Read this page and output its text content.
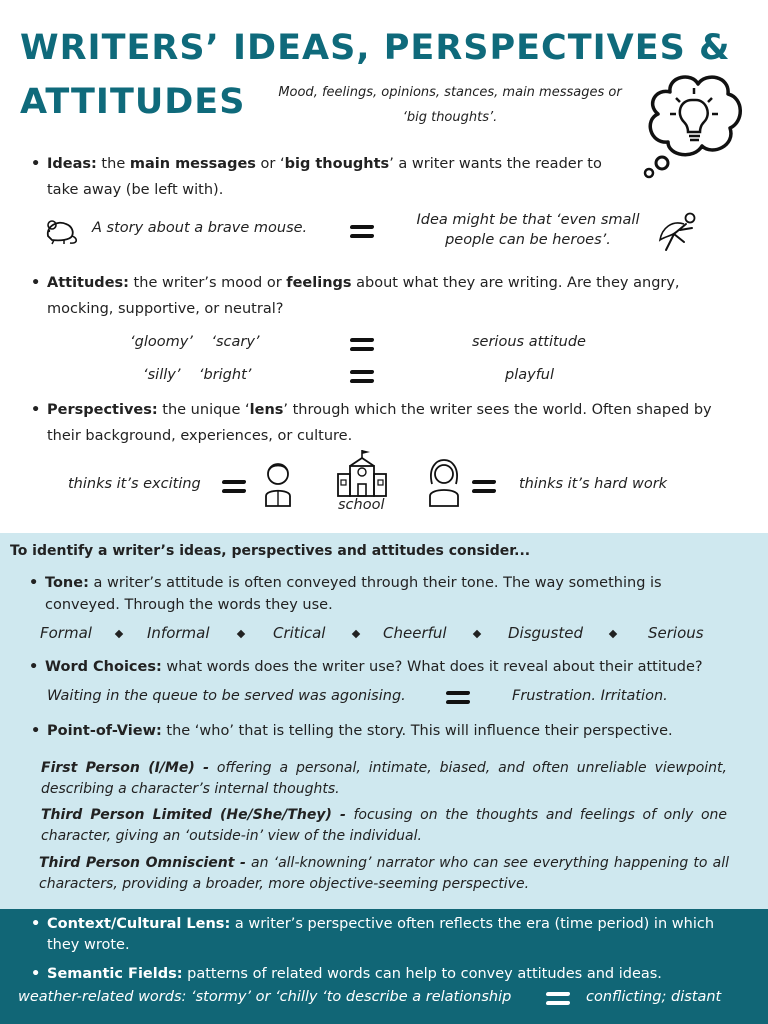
WRITERS’ IDEAS, PERSPECTIVES &
ATTITUDES	Mood, feelings, opinions, stances, main messages or
‘big thoughts’.
• Ideas: the main messages or ‘big thoughts’ a writer wants the reader to
take away (be left with).
A story about a brave mouse.	Idea might be that ‘even small
people can be heroes’.
• Attitudes: the writer’s mood or feelings about what they are writing. Are they angry,
mocking, supportive, or neutral?
‘gloomy’    ‘scary’	serious attitude
‘silly’    ‘bright’	playful
• Perspectives: the unique ‘lens’ through which the writer sees the world. Often shaped by
their background, experiences, or culture.
thinks it’s exciting
school
thinks it’s hard work
To identify a writer’s ideas, perspectives and attitudes consider...
• Tone: a writer’s attitude is often conveyed through their tone. The way something is
conveyed. Through the words they use.
Formal	Informal	Critical	Cheerful	Disgusted	Serious
• Word Choices: what words does the writer use? What does it reveal about their attitude?
Waiting in the queue to be served was agonising.	Frustration. Irritation.
• Point-of-View: the ‘who’ that is telling the story. This will influence their perspective.
First Person (I/Me) - offering a personal, intimate, biased, and often unreliable viewpoint, describing a character’s internal thoughts.
Third Person Limited (He/She/They) - focusing on the thoughts and feelings of only one character, giving an ‘outside-in’ view of the individual.
Third Person Omniscient - an ‘all-knowning’ narrator who can see everything happening to all characters, providing a broader, more objective-seeming perspective.
• Context/Cultural Lens: a writer’s perspective often reflects the era (time period) in which
they wrote.
• Semantic Fields: patterns of related words can help to convey attitudes and ideas.
weather-related words: ‘stormy’ or ‘chilly ‘to describe a relationship	conflicting; distant
